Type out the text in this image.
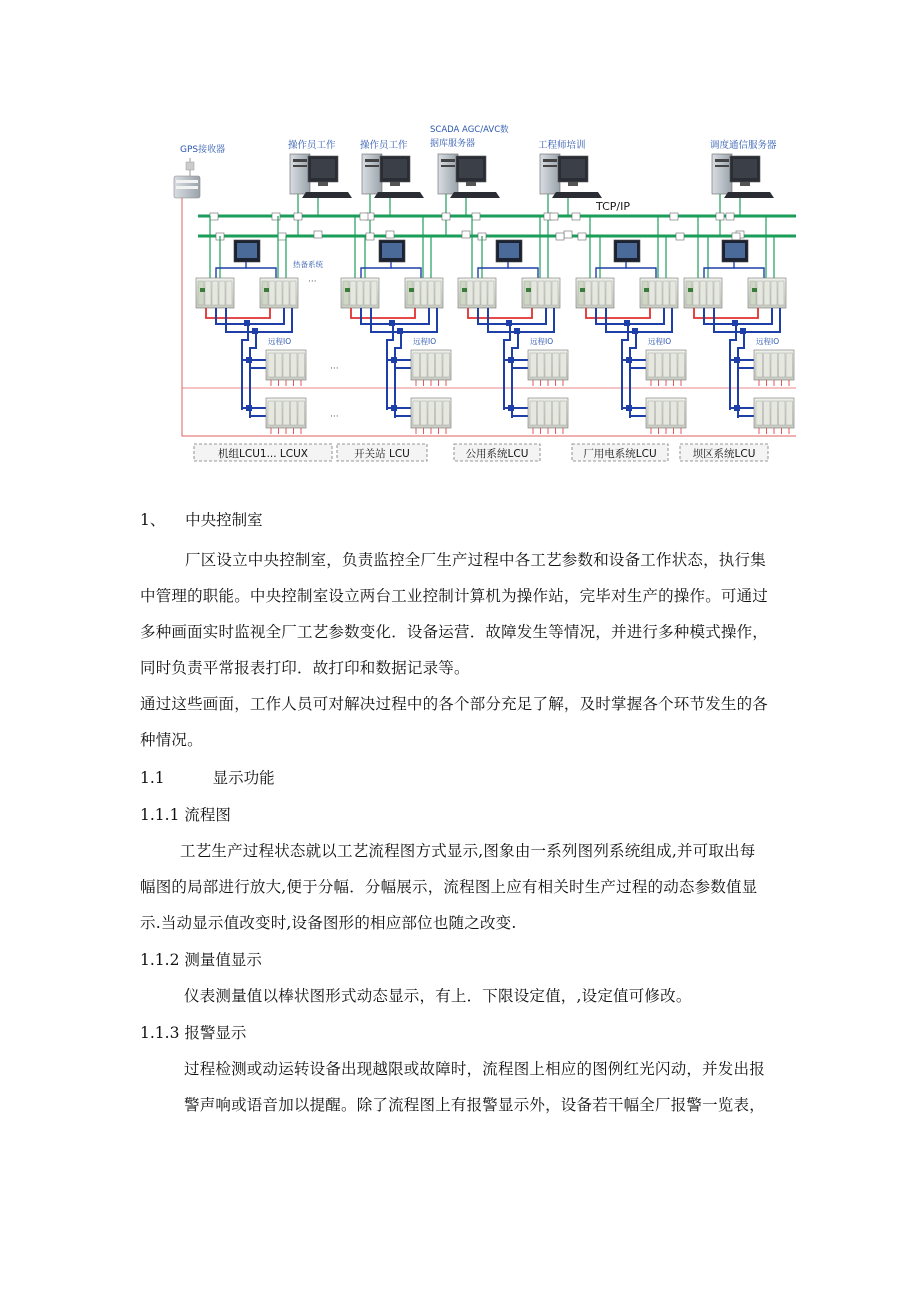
GPS接收器
TCP/IP
操作员工作	操作员工作
SCADA AGC/AVC数
据库服务器	工程师培训	调度通信服务器
远程IO
机组LCU1... LCUX
远程IO
开关站 LCU
远程IO
公用系统LCU
远程IO
厂用电系统LCU
远程IO
坝区系统LCU
热备系统
···
···
···
1、 中央控制室
厂区设立中央控制室，负责监控全厂生产过程中各工艺参数和设备工作状态，执行集
中管理的职能。中央控制室设立两台工业控制计算机为操作站，完毕对生产的操作。可通过
多种画面实时监视全厂工艺参数变化．设备运营．故障发生等情况，并进行多种模式操作，
同时负责平常报表打印．故打印和数据记录等。
通过这些画面，工作人员可对解决过程中的各个部分充足了解，及时掌握各个环节发生的各
种情况。
1.1	显示功能
1.1.1 流程图
工艺生产过程状态就以工艺流程图方式显示,图象由一系列图列系统组成,并可取出每
幅图的局部进行放大,便于分幅．分幅展示，流程图上应有相关时生产过程的动态参数值显
示.当动显示值改变时,设备图形的相应部位也随之改变.
1.1.2 测量值显示
仪表测量值以棒状图形式动态显示，有上．下限设定值，,设定值可修改。
1.1.3 报警显示
过程检测或动运转设备出现越限或故障时，流程图上相应的图例红光闪动，并发出报
警声响或语音加以提醒。除了流程图上有报警显示外，设备若干幅全厂报警一览表，
